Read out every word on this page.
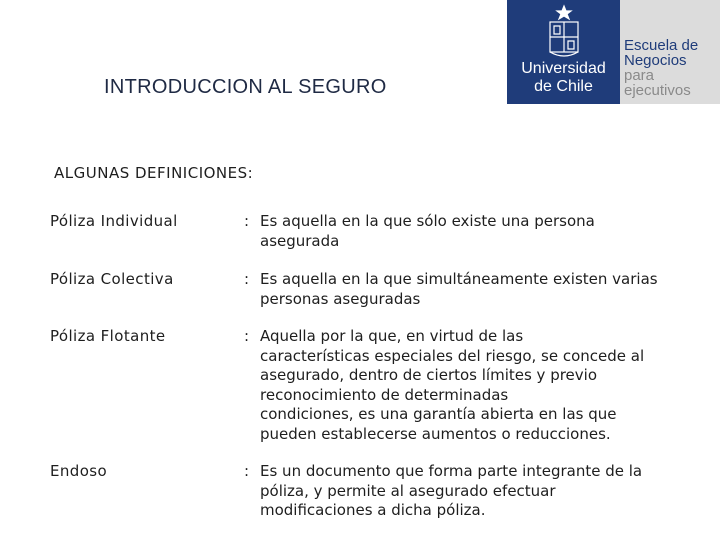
INTRODUCCION AL SEGURO
Universidad
de Chile
Escuela de
Negocios
para
ejecutivos
ALGUNAS DEFINICIONES:
Póliza Individual	: Es aquella en la que sólo existe una persona
asegurada
Póliza Colectiva	: Es aquella en la que simultáneamente existen varias
personas aseguradas
Póliza Flotante	: Aquella por la que, en virtud de las
características especiales del riesgo, se concede al
asegurado, dentro de ciertos límites y previo
reconocimiento de determinadas
condiciones, es una garantía abierta en las que
pueden establecerse aumentos o reducciones.
Endoso	: Es un documento que forma parte integrante de la
póliza, y permite al asegurado efectuar
modificaciones a dicha póliza.
